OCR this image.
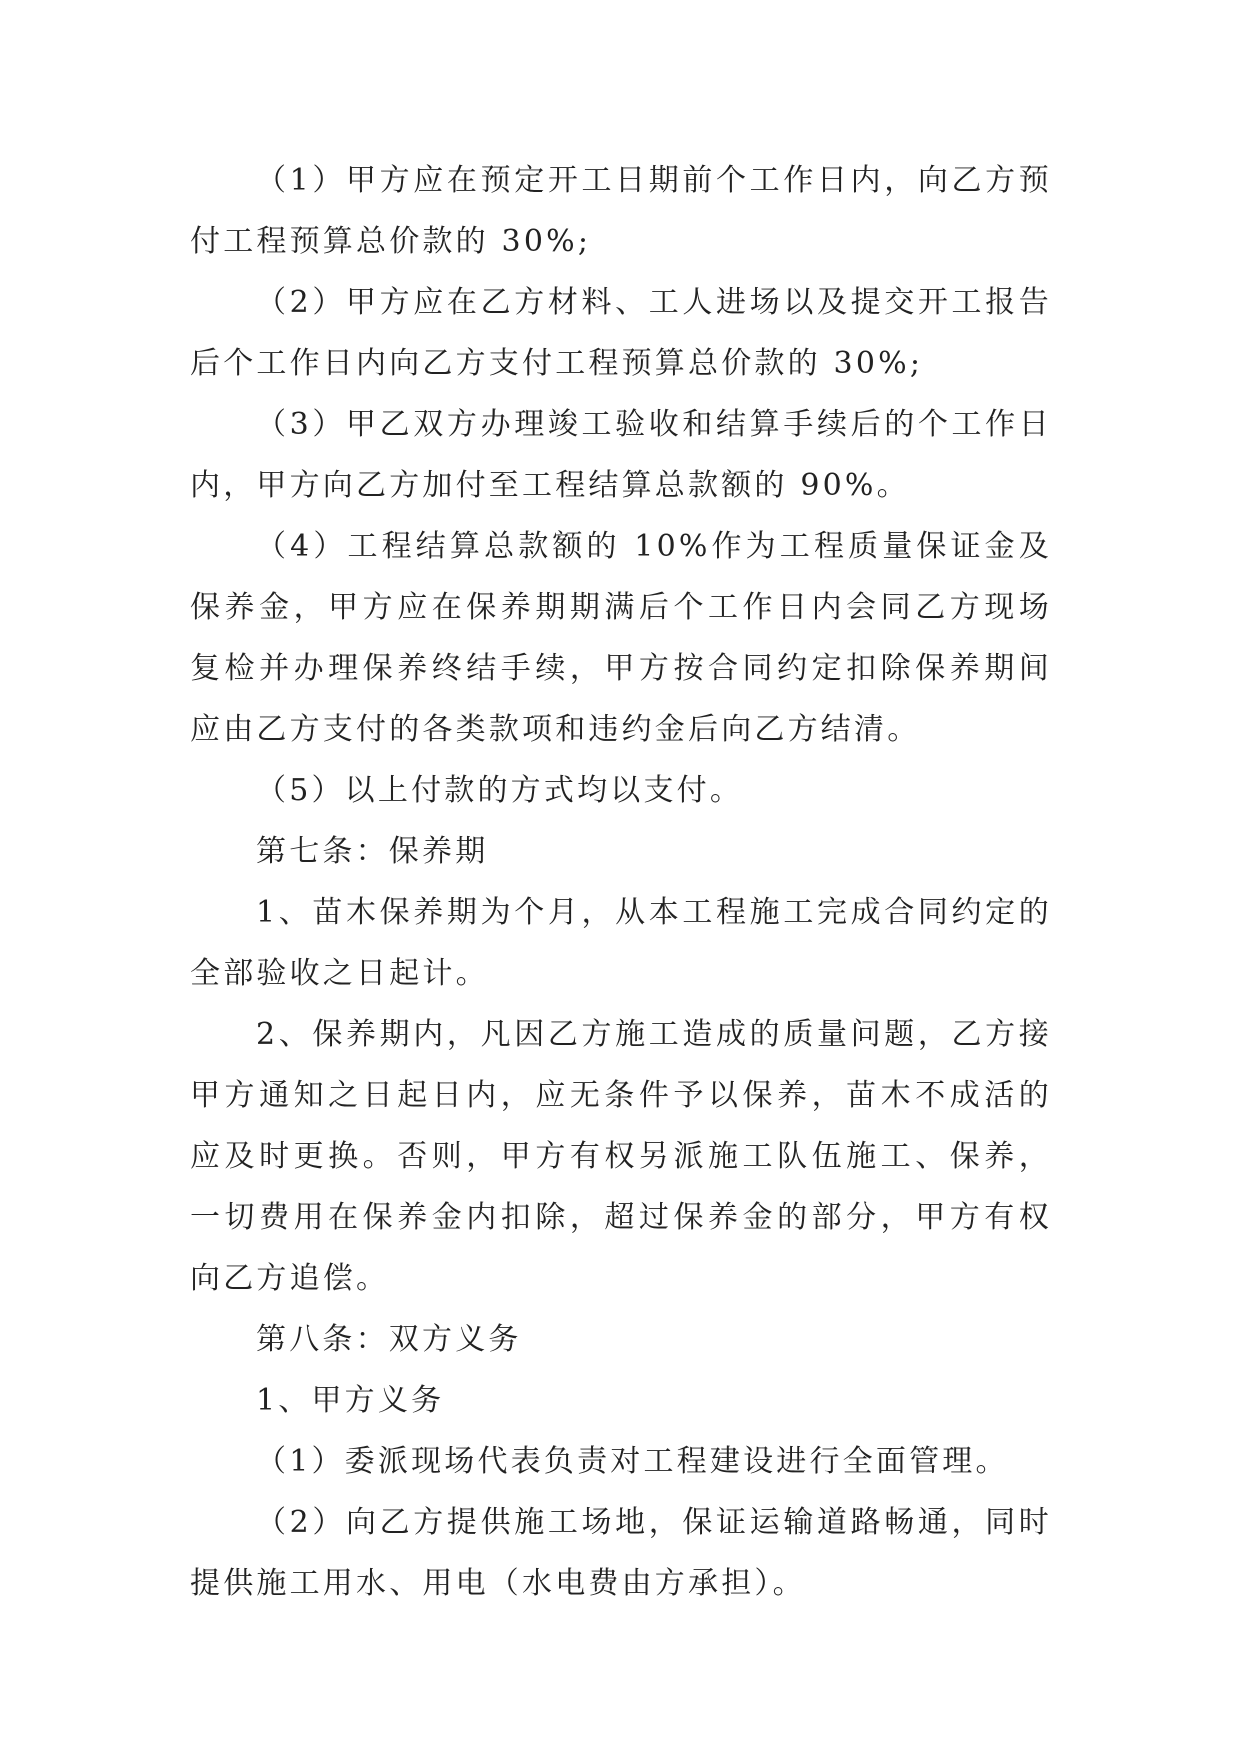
（1）甲方应在预定开工日期前个工作日内，向乙方预付工程预算总价款的 30%;

（2）甲方应在乙方材料、工人进场以及提交开工报告后个工作日内向乙方支付工程预算总价款的 30%;

（3）甲乙双方办理竣工验收和结算手续后的个工作日内，甲方向乙方加付至工程结算总款额的 90%。

（4）工程结算总款额的 10%作为工程质量保证金及保养金，甲方应在保养期期满后个工作日内会同乙方现场复检并办理保养终结手续，甲方按合同约定扣除保养期间应由乙方支付的各类款项和违约金后向乙方结清。

（5）以上付款的方式均以支付。

第七条：保养期

1、苗木保养期为个月，从本工程施工完成合同约定的全部验收之日起计。

2、保养期内，凡因乙方施工造成的质量问题，乙方接甲方通知之日起日内，应无条件予以保养，苗木不成活的应及时更换。否则，甲方有权另派施工队伍施工、保养，一切费用在保养金内扣除，超过保养金的部分，甲方有权向乙方追偿。

第八条：双方义务

1、甲方义务

（1）委派现场代表负责对工程建设进行全面管理。

（2）向乙方提供施工场地，保证运输道路畅通，同时提供施工用水、用电（水电费由方承担）。
